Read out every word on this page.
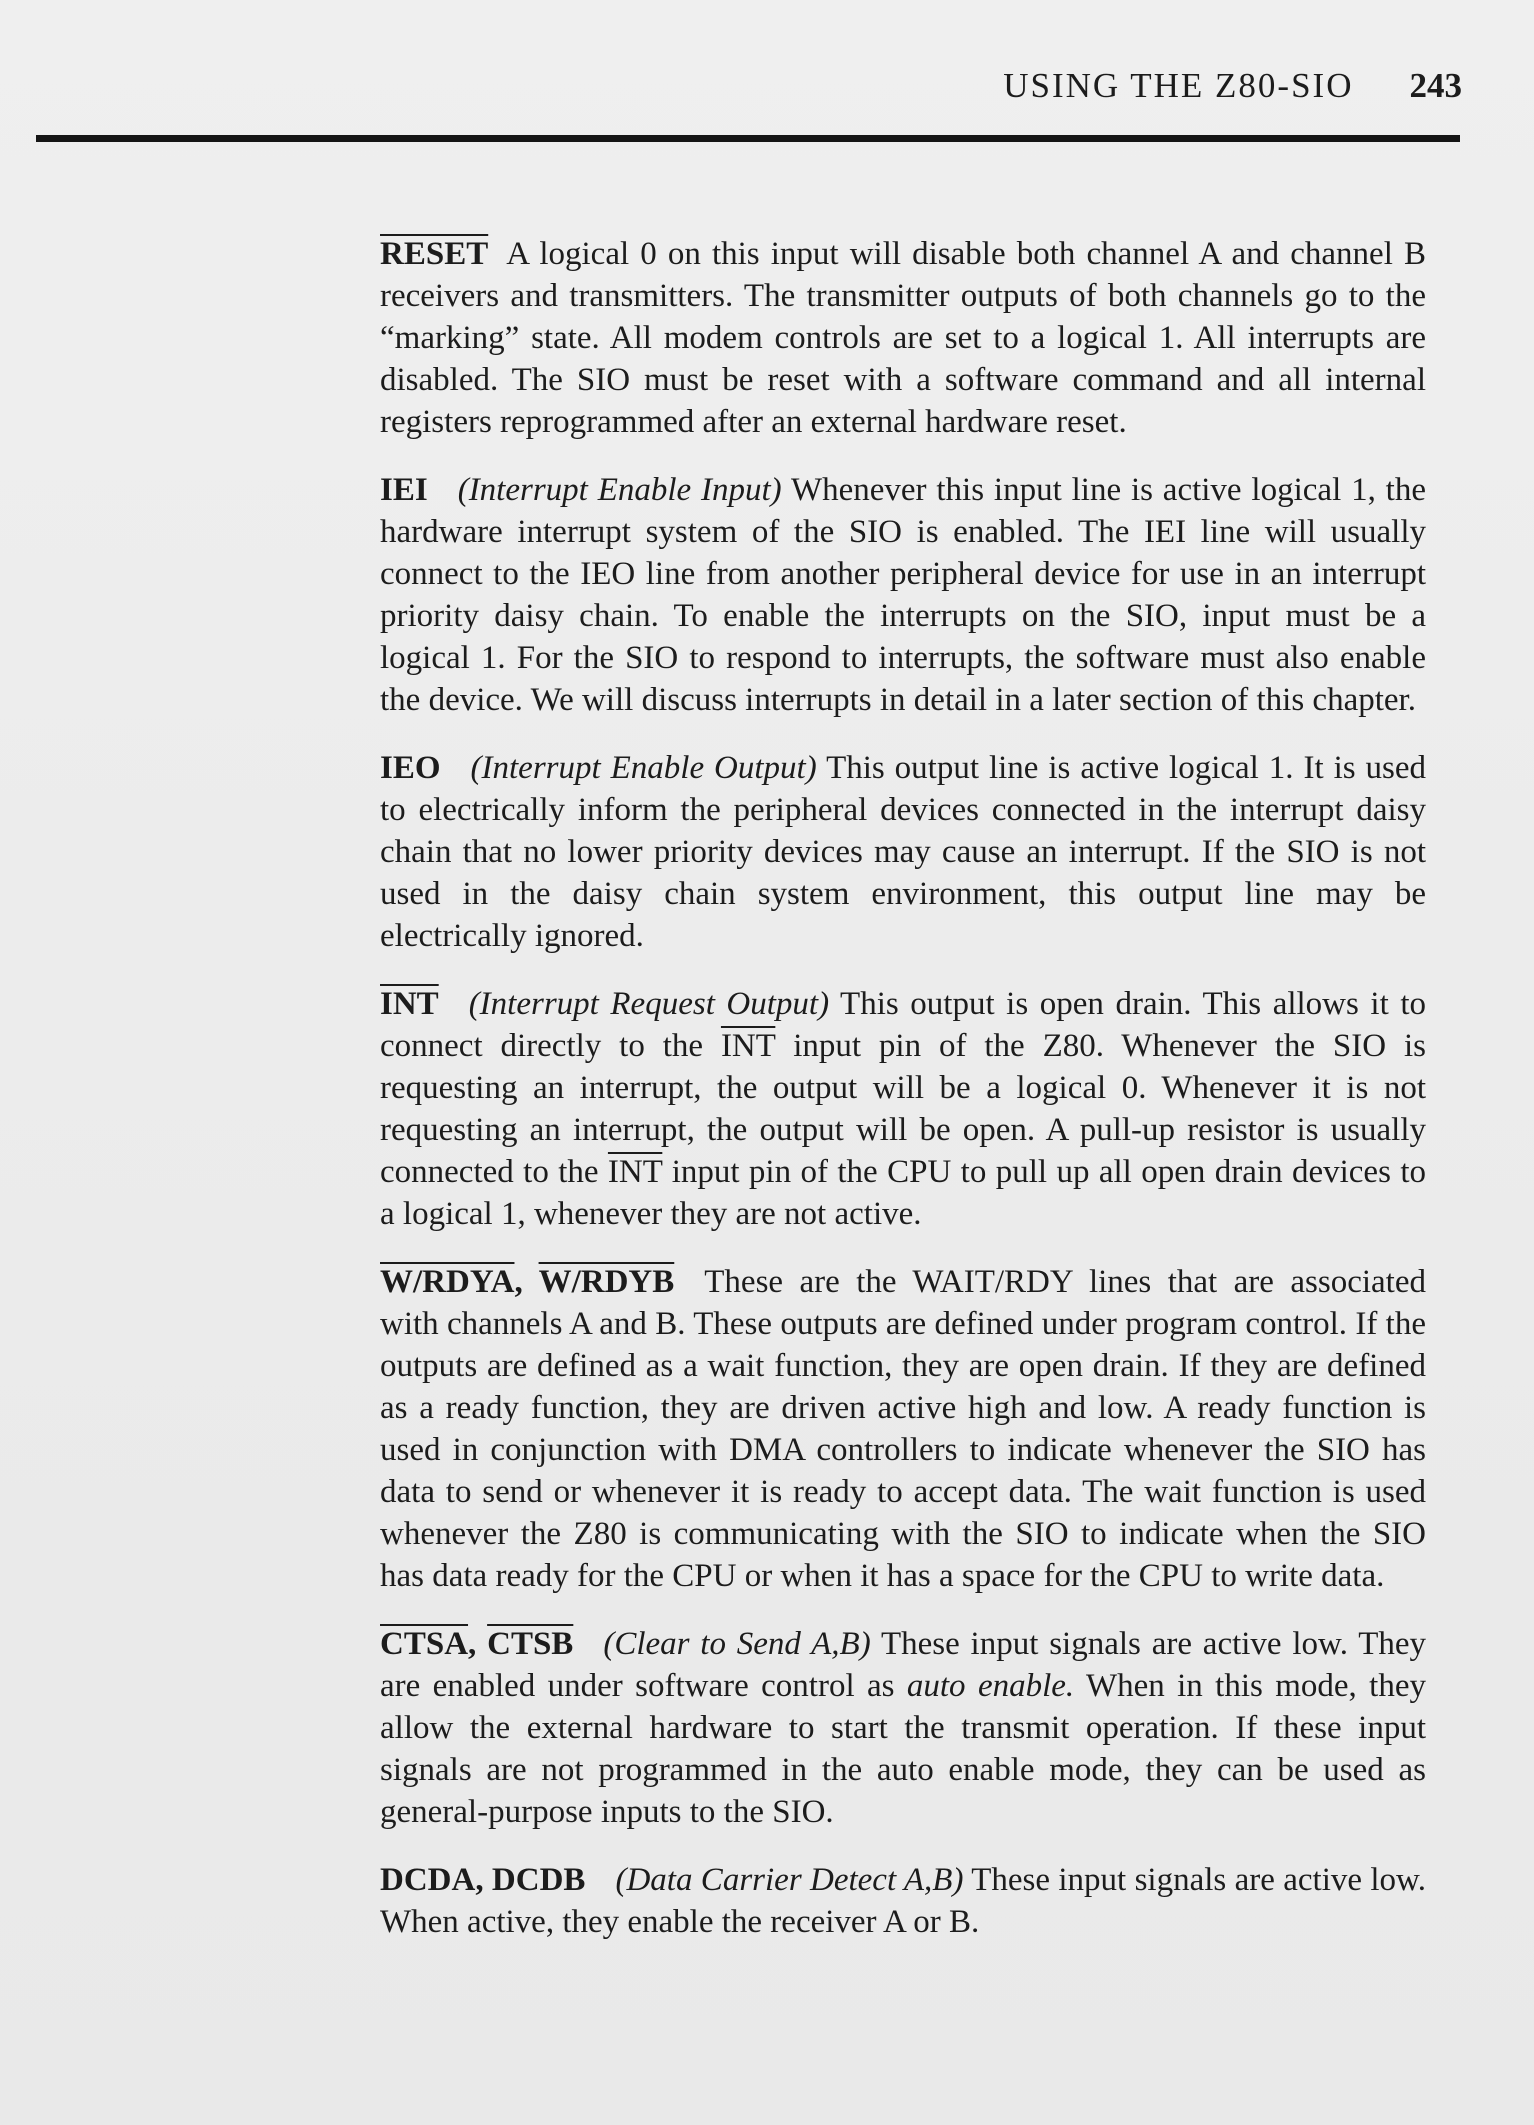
USING THE Z80-SIO 243

RESET A logical 0 on this input will disable both channel A and channel B receivers and transmitters. The transmitter outputs of both channels go to the “marking” state. All modem controls are set to a logical 1. All interrupts are disabled. The SIO must be reset with a software command and all internal registers reprogrammed after an external hardware reset.

IEI (Interrupt Enable Input) Whenever this input line is active logical 1, the hardware interrupt system of the SIO is enabled. The IEI line will usually connect to the IEO line from another peripheral device for use in an interrupt priority daisy chain. To enable the interrupts on the SIO, input must be a logical 1. For the SIO to respond to interrupts, the software must also enable the device. We will discuss interrupts in detail in a later section of this chapter.

IEO (Interrupt Enable Output) This output line is active logical 1. It is used to electrically inform the peripheral devices connected in the interrupt daisy chain that no lower priority devices may cause an interrupt. If the SIO is not used in the daisy chain system environment, this output line may be electrically ignored.

$\overline{INT}$ (Interrupt Request Output) This output is open drain. This allows it to connect directly to the $\overline{INT}$ input pin of the Z80. Whenever the SIO is requesting an interrupt, the output will be a logical 0. Whenever it is not requesting an interrupt, the output will be open. A pull-up resistor is usually connected to the $\overline{INT}$ input pin of the CPU to pull up all open drain devices to a logical 1, whenever they are not active.

W/RDYA, W/RDYB These are the WAIT/RDY lines that are associated with channels A and B. These outputs are defined under program control. If the outputs are defined as a wait function, they are open drain. If they are defined as a ready function, they are driven active high and low. A ready function is used in conjunction with DMA controllers to indicate whenever the SIO has data to send or whenever it is ready to accept data. The wait function is used whenever the Z80 is communicating with the SIO to indicate when the SIO has data ready for the CPU or when it has a space for the CPU to write data.

CTSA, CTSB (Clear to Send A,B) These input signals are active low. They are enabled under software control as auto enable. When in this mode, they allow the external hardware to start the transmit operation. If these input signals are not programmed in the auto enable mode, they can be used as general-purpose inputs to the SIO.

DCDA, DCDB (Data Carrier Detect A,B) These input signals are active low. When active, they enable the receiver A or B.
